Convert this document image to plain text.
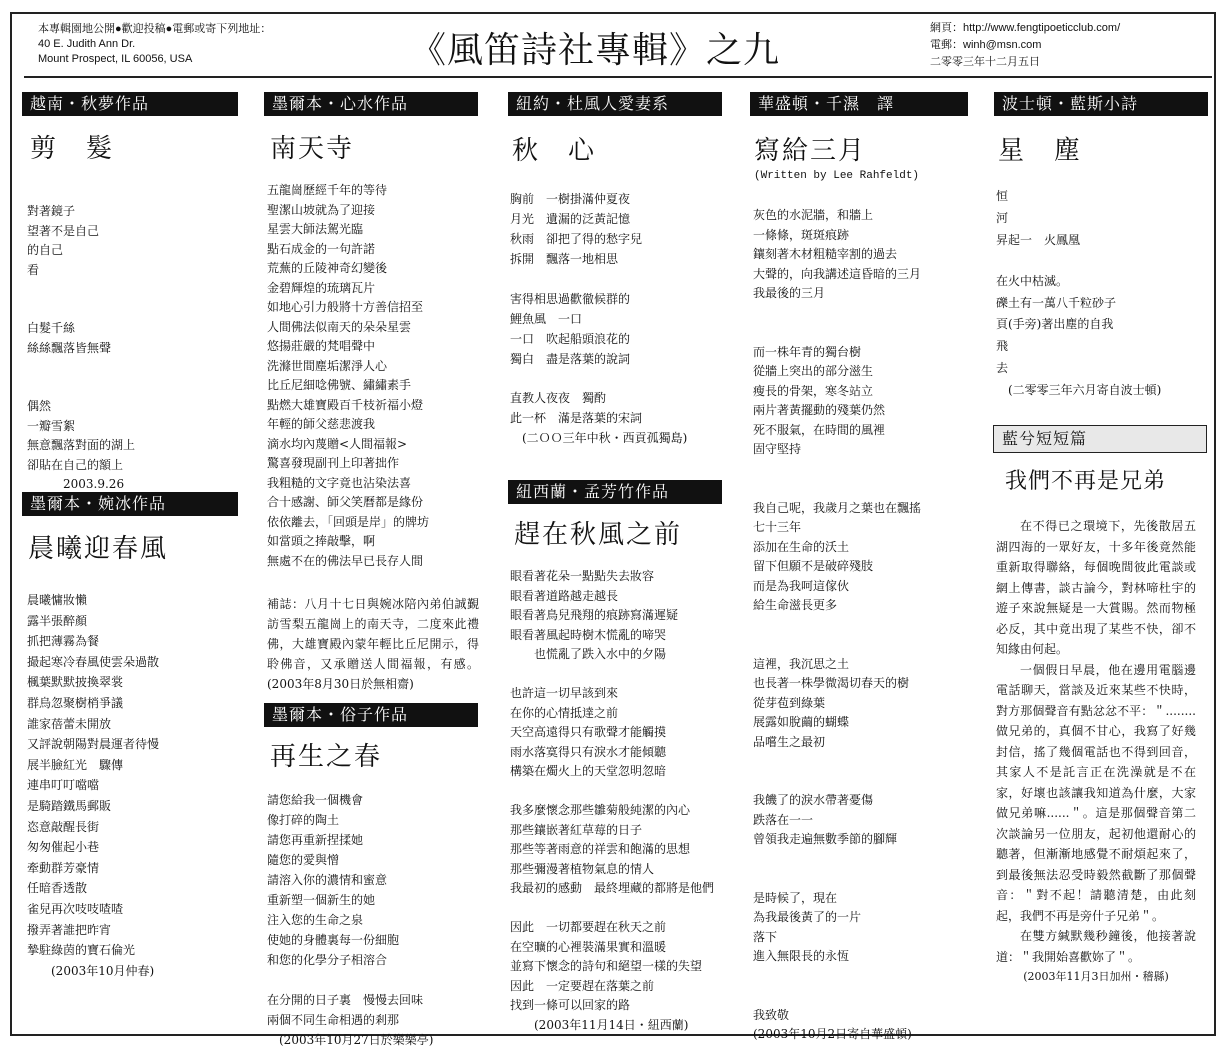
本專輯園地公開●歡迎投稿●電郵或寄下列地址：
40 E. Judith Ann Dr.
Mount Prospect, IL 60056, USA	《風笛詩社專輯》之九
網頁：http://www.fengtipoeticclub.com/
電郵：winh@msn.com
二零零三年十二月五日
越南・秋夢作品
剪　髮
對著鏡子
望著不是自己
的自己
看
白髮千絲
絲絲飄落皆無聲
偶然
一瓣雪絮
無意飄落對面的湖上
卻貼在自己的額上
　　　2003.9.26
墨爾本・婉冰作品
晨曦迎春風
晨曦慵妝懶
露半張醉顏
抓把薄霧為餐
撮起寒冷春風使雲朵過散
楓葉默默披換翠裳
群烏忽聚樹梢爭議
誰家蓓蕾未開放
又評說朝陽對晨運者待慢
展半臉紅光　驟傳
連串叮叮噹噹
是騎踏鐵馬郵販
恣意敲醒長街
匆匆催起小巷
牽動群芳豪情
任暗香透散
雀兒再次吱吱喳喳
撥弄著誰把昨宵
摯駐綠茵的寶石倫光
　　(2003年10月仲春)
墨爾本・心水作品
南天寺
五龍崗歷經千年的等待
聖潔山坡就為了迎接
星雲大師法駕光臨
點石成金的一句許諾
荒蕪的丘陵神奇幻變後
金碧輝煌的琉璃瓦片
如地心引力般將十方善信招至
人間佛法似南天的朵朵星雲
悠揚莊嚴的梵唱聲中
洗滌世間塵垢潔淨人心
比丘尼細唸佛號、繡繡素手
點燃大雄寶殿百千枝祈福小燈
年輕的師父慈悲渡我
滴水均內蔑贈<人間福報>
驚喜發現副刊上印著拙作
我粗糙的文字竟也沾染法喜
合十感謝、師父笑曆都是緣份
依依離去，「回頭是岸」的牌坊
如當頭之捧敲擊，啊
無處不在的佛法早已長存人間
補誌：八月十七日與婉冰陪內弟伯誠覲訪雪梨五龍崗上的南天寺，二度來此禮佛，大雄寶殿內蒙年輕比丘尼開示，得聆佛音，又承贈送人間福報，有感。(2003年8月30日於無相齋)
墨爾本・俗子作品
再生之春
請您給我一個機會
像打碎的陶土
請您再重新捏揉她
隨您的愛與憎
請溶入你的濃情和蜜意
重新塑一個新生的她
注入您的生命之泉
使她的身體裏每一份細胞
和您的化學分子相溶合
在分開的日子裏　慢慢去回味
兩個不同生命相遇的剎那
　(2003年10月27日於樂樂亭)
紐約・杜風人愛妻系
秋　心
胸前　一樹掛滿仲夏夜
月光　遺漏的泛黃記憶
秋雨　卻把了得的愁字兒
拆開　飄落一地相思
害得相思過歡徹候群的
鯉魚風　一口
一口　吹起船頭浪花的
獨白　盡是落葉的說詞
直教人夜夜　獨酌
此一杯　滿是落葉的宋詞
　(二ＯＯ三年中秋・西貢孤獨島)
紐西蘭・孟芳竹作品
趕在秋風之前
眼看著花朵一點點失去妝容
眼看著道路越走越長
眼看著鳥兒飛翔的痕跡寫滿遲疑
眼看著風起時樹木慌亂的啼哭
　　也慌亂了跌入水中的夕陽
也許這一切早該到來
在你的心情抵達之前
天空高遠得只有歌聲才能觸摸
雨水落寞得只有淚水才能傾聽
構築在燭火上的天堂忽明忽暗
我多麼懷念那些雛菊般純潔的內心
那些鑲嵌著紅草莓的日子
那些等著雨意的祥雲和飽滿的思想
那些彌漫著植物氣息的情人
我最初的感動　最終埋藏的都將是他們
因此　一切都要趕在秋天之前
在空曠的心裡裝滿果實和溫暖
並寫下懷念的詩句和絕望一樣的失望
因此　一定要趕在落葉之前
找到一條可以回家的路
　　(2003年11月14日・紐西蘭)
華盛頓・千濕　譯
寫給三月
(Written by Lee Rahfeldt)
灰色的水泥牆，和牆上
一條條，斑斑痕跡
鑲刻著木材粗糙宰割的過去
大聲的，向我講述這昏暗的三月
我最後的三月
而一株年青的獨台樹
從牆上突出的部分滋生
瘦長的骨架，寒冬站立
兩片著黃擺動的殘葉仍然
死不服氣，在時間的風裡
固守堅持
我自己呢，我歲月之葉也在飄搖
七十三年
添加在生命的沃土
留下但願不是破碎殘肢
而是為我呵這傢伙
給生命滋長更多
這裡，我沉思之土
也長著一株學微渴切春天的樹
從芽苞到綠葉
展露如脫繭的蝴蝶
品嚐生之最初
我饑了的淚水帶著憂傷
跌落在一一
曾領我走遍無數季節的腳輝
是時候了，現在
為我最後黃了的一片
落下
進入無限長的永恆
我致敬
(2003年10月2日寄自華盛頓)
波士頓・藍斯小詩
星　塵
恒
河
昇起一　火鳳凰
在火中枯滅。
礫土有一萬八千粒砂子
頁(手旁)著出塵的自我
飛
去
　(二零零三年六月寄自波士頓)
藍兮短短篇
我們不再是兄弟

在不得已之環境下，先後散居五湖四海的一眾好友，十多年後竟然能重新取得聯絡，每個晚間彼此電談或網上傳書，談古論今，對林啼杜宇的遊子來說無疑是一大賞賜。然而物極必反，其中竟出現了某些不快，卻不知緣由何起。

一個假日早晨，他在邊用電腦邊電話聊天，當談及近來某些不快時，對方那個聲音有點忿忿不平：＂........做兄弟的，真個不甘心，我寫了好幾封信，搖了幾個電話也不得到回音，其家人不是託言正在洗澡就是不在家，好壞也該讓我知道為什麼，大家做兄弟嘛......＂。這是那個聲音第二次談論另一位朋友，起初他還耐心的聽著，但漸漸地感覺不耐煩起來了，到最後無法忍受時毅然截斷了那個聲音：＂對不起！請聽清楚，由此刻起，我們不再是旁什子兄弟＂。

在雙方緘默幾秒鐘後，他接著說道：＂我開始喜歡妳了＂。

(2003年11月3日加州・稽縣)
